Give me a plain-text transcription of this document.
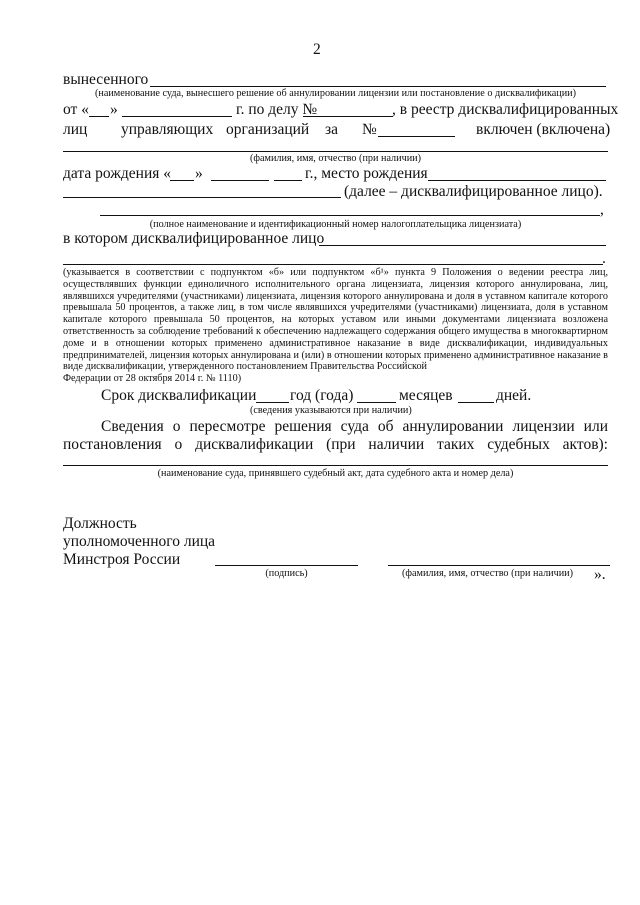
2
вынесенного
(наименование суда, вынесшего решение об аннулировании лицензии или постановление о дисквалификации)
от « »	г. по делу №	, в реестр дисквалифицированных
лиц управляющих организаций за №	включен (включена)
(фамилия, имя, отчество (при наличии)
дата рождения « »	г., место рождения
(далее – дисквалифицированное лицо).
,
(полное наименование и идентификационный номер налогоплательщика лицензиата)
в котором дисквалифицированное лицо
.
(указывается в соответствии с подпунктом «б» или подпунктом «б¹» пункта 9 Положения о ведении реестра лиц, осуществлявших функции единоличного исполнительного органа лицензиата, лицензия которого аннулирована, лиц, являвшихся учредителями (участниками) лицензиата, лицензия которого аннулирована и доля в уставном капитале которого превышала 50 процентов, а также лиц, в том числе являвшихся учредителями (участниками) лицензиата, доля в уставном капитале которого превышала 50 процентов, на которых уставом или иными документами лицензиата возложена ответственность за соблюдение требований к обеспечению надлежащего содержания общего имущества в многоквартирном доме и в отношении которых применено административное наказание в виде дисквалификации, индивидуальных предпринимателей, лицензия которых аннулирована и (или) в отношении которых применено административное наказание в виде дисквалификации, утвержденного постановлением Правительства Российской
Федерации от 28 октября 2014 г. № 1110)
Срок дисквалификации год (года)	месяцев	дней.
(сведения указываются при наличии)
Сведения о пересмотре решения суда об аннулировании лицензии или
постановления о дисквалификации (при наличии таких судебных актов):
(наименование суда, принявшего судебный акт, дата судебного акта и номер дела)
Должность
уполномоченного лица
Минстроя России
(подпись)	(фамилия, имя, отчество (при наличии) ».
